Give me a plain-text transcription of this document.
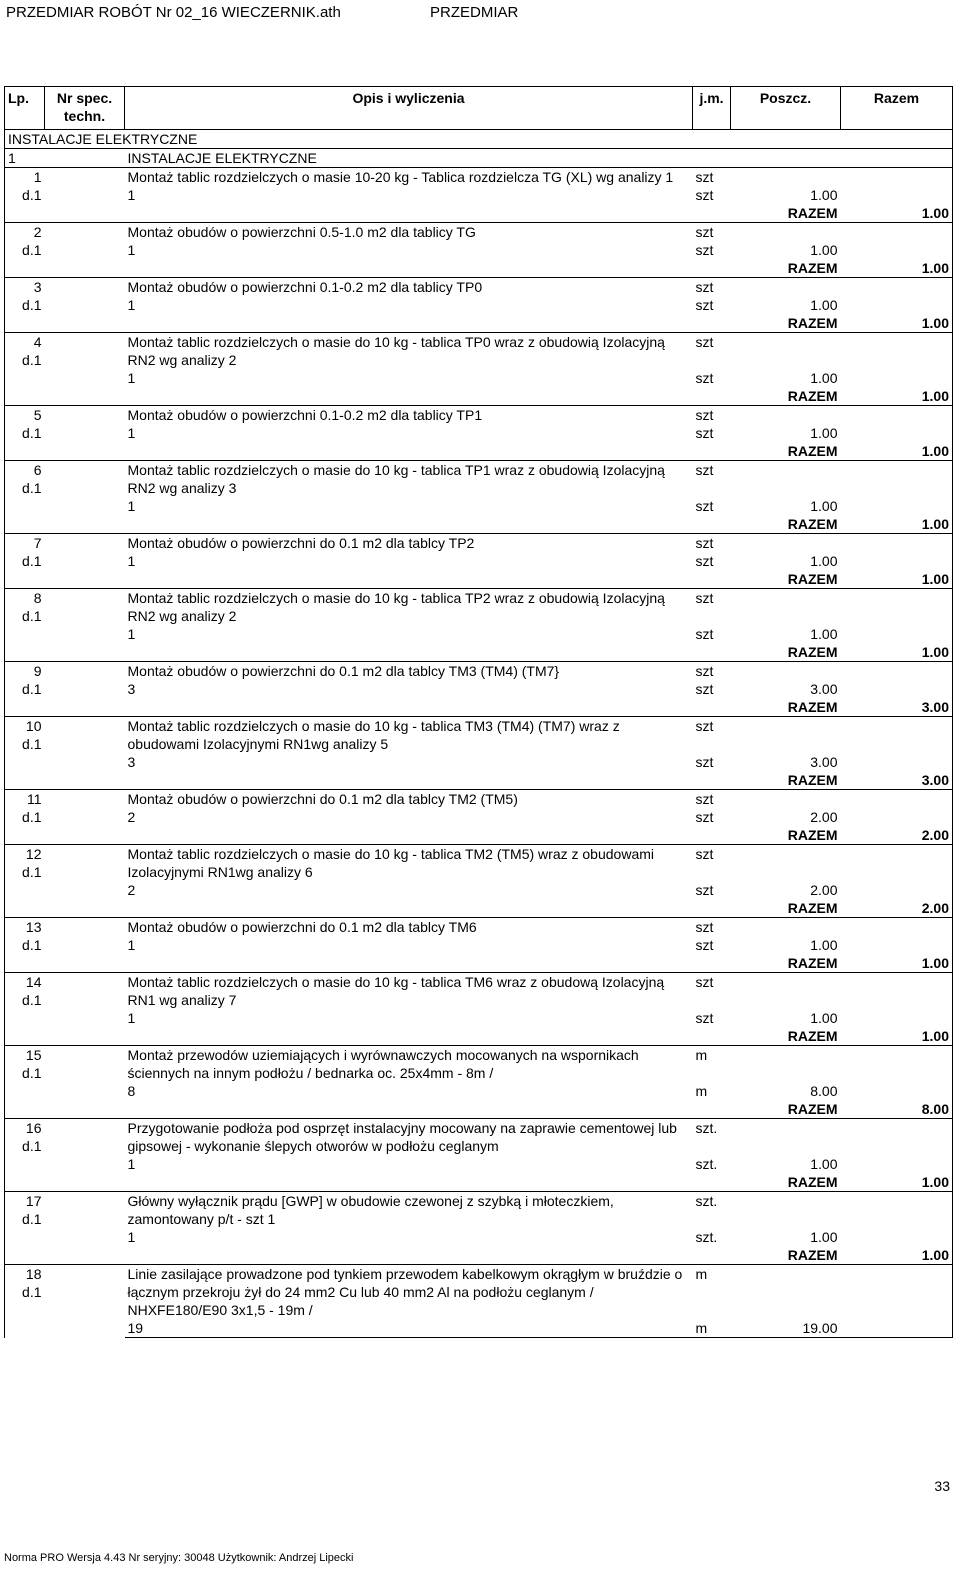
PRZEDMIAR ROBÓT Nr 02_16 WIECZERNIK.ath	PRZEDMIAR
Lp.	Nr spec. techn.	Opis i wyliczenia	j.m.	Poszcz.	Razem
INSTALACJE ELEKTRYCZNE					
1		INSTALACJE ELEKTRYCZNE			

1
d.1		Montaż tablic rozdzielczych o masie 10-20 kg - Tablica rozdzielcza TG (XL) wg analizy 1	szt		
		1	szt	1.00	
				RAZEM	1.00

2
d.1		Montaż obudów o powierzchni 0.5-1.0 m2 dla tablicy TG	szt		
		1	szt	1.00	
				RAZEM	1.00

3
d.1		Montaż obudów o powierzchni 0.1-0.2 m2 dla tablicy TP0	szt		
		1	szt	1.00	
				RAZEM	1.00

4
d.1		Montaż tablic rozdzielczych o masie do 10 kg - tablica TP0 wraz z obudowią Izolacyjną RN2 wg analizy 2	szt		
		1	szt	1.00	
				RAZEM	1.00

5
d.1		Montaż obudów o powierzchni 0.1-0.2 m2 dla tablicy TP1	szt		
		1	szt	1.00	
				RAZEM	1.00

6
d.1		Montaż tablic rozdzielczych o masie do 10 kg - tablica TP1 wraz z obudowią Izolacyjną RN2 wg analizy 3	szt		
		1	szt	1.00	
				RAZEM	1.00

7
d.1		Montaż obudów o powierzchni do 0.1 m2 dla tablcy TP2	szt		
		1	szt	1.00	
				RAZEM	1.00

8
d.1		Montaż tablic rozdzielczych o masie do 10 kg - tablica TP2 wraz z obudowią Izolacyjną RN2 wg analizy 2	szt		
		1	szt	1.00	
				RAZEM	1.00

9
d.1		Montaż obudów o powierzchni do 0.1 m2 dla tablcy TM3 (TM4) (TM7}	szt		
		3	szt	3.00	
				RAZEM	3.00

10
d.1		Montaż tablic rozdzielczych o masie do 10 kg - tablica TM3 (TM4) (TM7) wraz z obudowami Izolacyjnymi RN1wg analizy 5	szt		
		3	szt	3.00	
				RAZEM	3.00

11
d.1		Montaż obudów o powierzchni do 0.1 m2 dla tablcy TM2 (TM5)	szt		
		2	szt	2.00	
				RAZEM	2.00

12
d.1		Montaż tablic rozdzielczych o masie do 10 kg - tablica TM2 (TM5) wraz z obudowami Izolacyjnymi RN1wg analizy 6	szt		
		2	szt	2.00	
				RAZEM	2.00

13
d.1		Montaż obudów o powierzchni do 0.1 m2 dla tablcy TM6	szt		
		1	szt	1.00	
				RAZEM	1.00

14
d.1		Montaż tablic rozdzielczych o masie do 10 kg - tablica TM6 wraz z obudową Izolacyjną RN1 wg analizy 7	szt		
		1	szt	1.00	
				RAZEM	1.00

15
d.1		Montaż przewodów uziemiających i wyrównawczych mocowanych na wspornikach ściennych na innym podłożu / bednarka oc. 25x4mm - 8m /	m		
		8	m	8.00	
				RAZEM	8.00

16
d.1		Przygotowanie podłoża pod osprzęt instalacyjny mocowany na zaprawie cementowej lub gipsowej - wykonanie ślepych otworów w podłożu ceglanym	szt.		
		1	szt.	1.00	
				RAZEM	1.00

17
d.1		Główny wyłącznik prądu [GWP] w obudowie czewonej z szybką i młoteczkiem, zamontowany p/t - szt 1	szt.		
		1	szt.	1.00	
				RAZEM	1.00

18
d.1		Linie zasilające prowadzone pod tynkiem przewodem kabelkowym okrągłym w bruździe o łącznym przekroju żył do 24 mm2 Cu lub 40 mm2 Al na podłożu ceglanym / NHXFE180/E90 3x1,5 - 19m /	m		
		19	m	19.00	
33
Norma PRO Wersja 4.43 Nr seryjny: 30048 Użytkownik: Andrzej Lipecki
